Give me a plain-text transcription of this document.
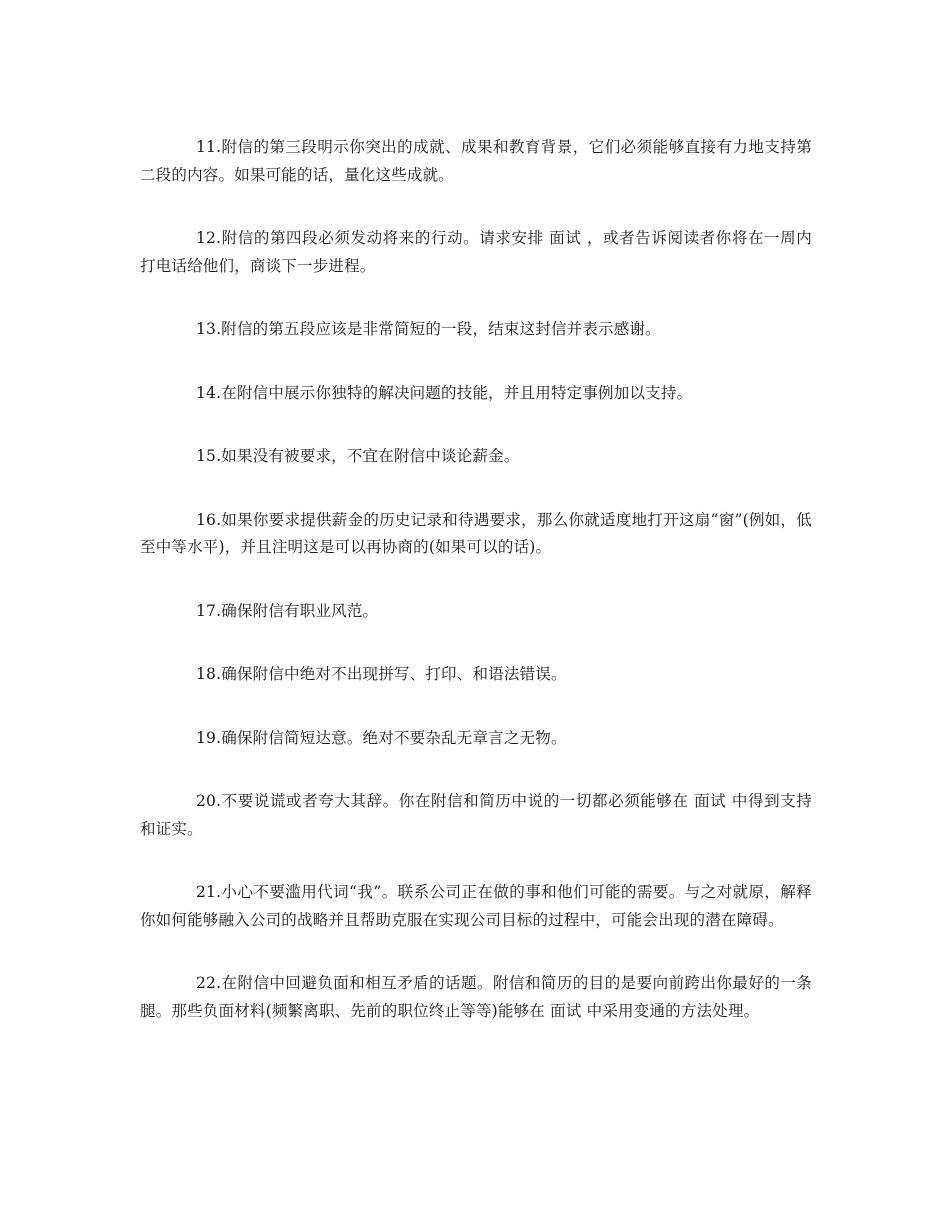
11.附信的第三段明示你突出的成就、成果和教育背景，它们必须能够直接有力地支持第二段的内容。如果可能的话，量化这些成就。

12.附信的第四段必须发动将来的行动。请求安排 面试 ，或者告诉阅读者你将在一周内打电话给他们，商谈下一步进程。

13.附信的第五段应该是非常简短的一段，结束这封信并表示感谢。

14.在附信中展示你独特的解决问题的技能，并且用特定事例加以支持。

15.如果没有被要求，不宜在附信中谈论薪金。

16.如果你要求提供薪金的历史记录和待遇要求，那么你就适度地打开这扇“窗”(例如，低至中等水平)，并且注明这是可以再协商的(如果可以的话)。

17.确保附信有职业风范。

18.确保附信中绝对不出现拼写、打印、和语法错误。

19.确保附信简短达意。绝对不要杂乱无章言之无物。

20.不要说谎或者夸大其辞。你在附信和简历中说的一切都必须能够在 面试 中得到支持和证实。

21.小心不要滥用代词“我”。联系公司正在做的事和他们可能的需要。与之对就原，解释你如何能够融入公司的战略并且帮助克服在实现公司目标的过程中，可能会出现的潜在障碍。

22.在附信中回避负面和相互矛盾的话题。附信和简历的目的是要向前跨出你最好的一条腿。那些负面材料(频繁离职、先前的职位终止等等)能够在 面试 中采用变通的方法处理。
